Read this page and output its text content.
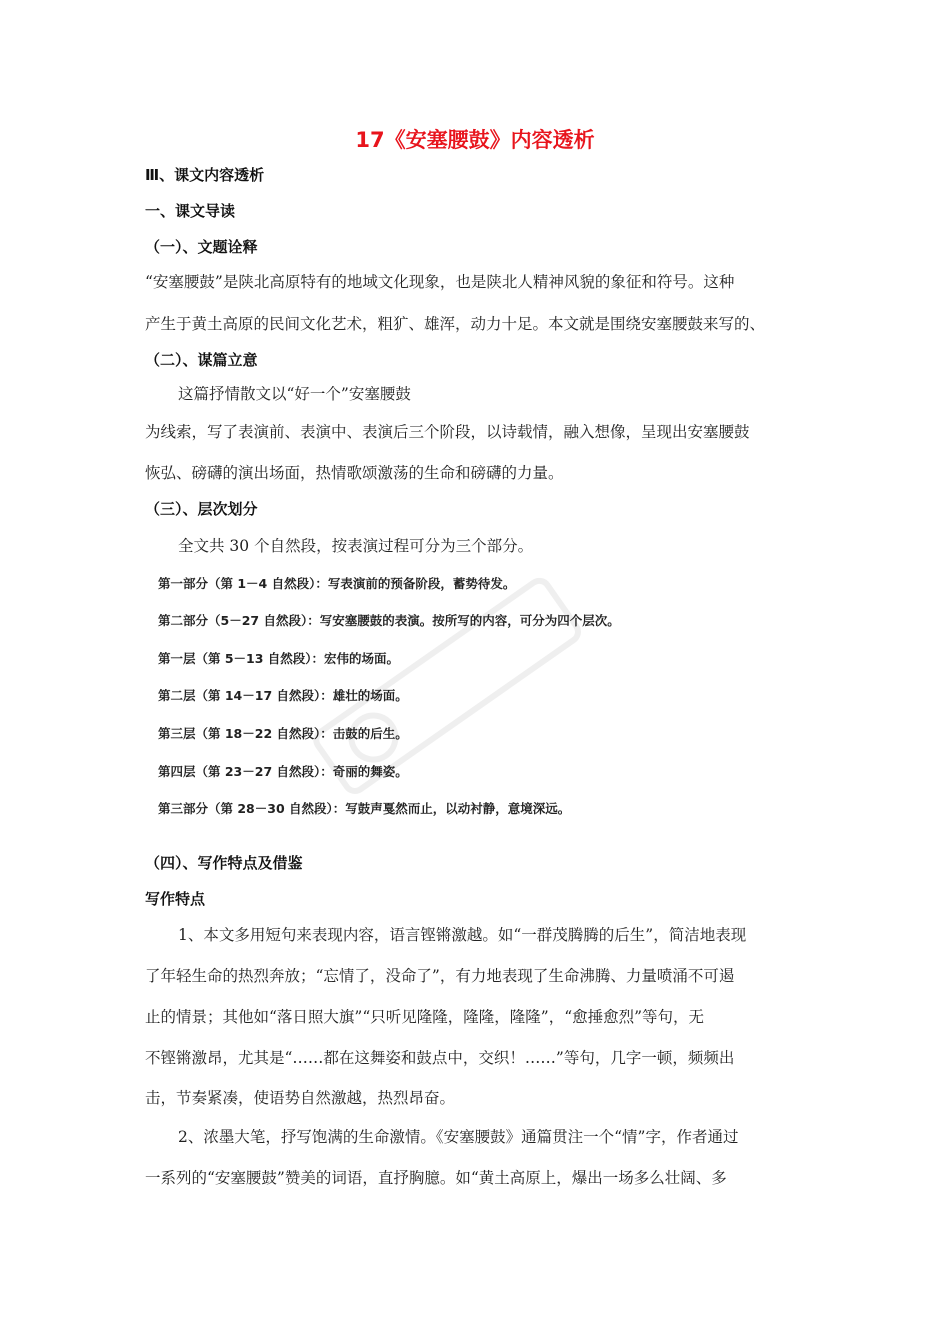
17《安塞腰鼓》内容透析
Ⅲ、课文内容透析
一、课文导读
（一）、文题诠释
“安塞腰鼓”是陕北高原特有的地域文化现象，也是陕北人精神风貌的象征和符号。这种
产生于黄土高原的民间文化艺术，粗犷、雄浑，动力十足。本文就是围绕安塞腰鼓来写的、
（二）、谋篇立意
这篇抒情散文以“好一个”安塞腰鼓
为线索，写了表演前、表演中、表演后三个阶段，以诗载情，融入想像，呈现出安塞腰鼓
恢弘、磅礴的演出场面，热情歌颂激荡的生命和磅礴的力量。
（三）、层次划分
全文共 30 个自然段，按表演过程可分为三个部分。
第一部分（第 1－4 自然段）：写表演前的预备阶段，蓄势待发。
第二部分（5－27 自然段）：写安塞腰鼓的表演。按所写的内容，可分为四个层次。
第一层（第 5－13 自然段）：宏伟的场面。
第二层（第 14－17 自然段）：雄壮的场面。
第三层（第 18－22 自然段）：击鼓的后生。
第四层（第 23－27 自然段）：奇丽的舞姿。
第三部分（第 28－30 自然段）：写鼓声戛然而止，以动衬静，意境深远。
（四）、写作特点及借鉴
写作特点
1、本文多用短句来表现内容，语言铿锵激越。如“一群茂腾腾的后生”，简洁地表现
了年轻生命的热烈奔放；“忘情了，没命了”，有力地表现了生命沸腾、力量喷涌不可遏
止的情景；其他如“落日照大旗”“只听见隆隆，隆隆，隆隆”，“愈捶愈烈”等句，无
不铿锵激昂，尤其是“……都在这舞姿和鼓点中，交织！……”等句，几字一顿，频频出
击，节奏紧凑，使语势自然激越，热烈昂奋。
2、浓墨大笔，抒写饱满的生命激情。《安塞腰鼓》通篇贯注一个“情”字，作者通过
一系列的“安塞腰鼓”赞美的词语，直抒胸臆。如“黄土高原上，爆出一场多么壮阔、多
